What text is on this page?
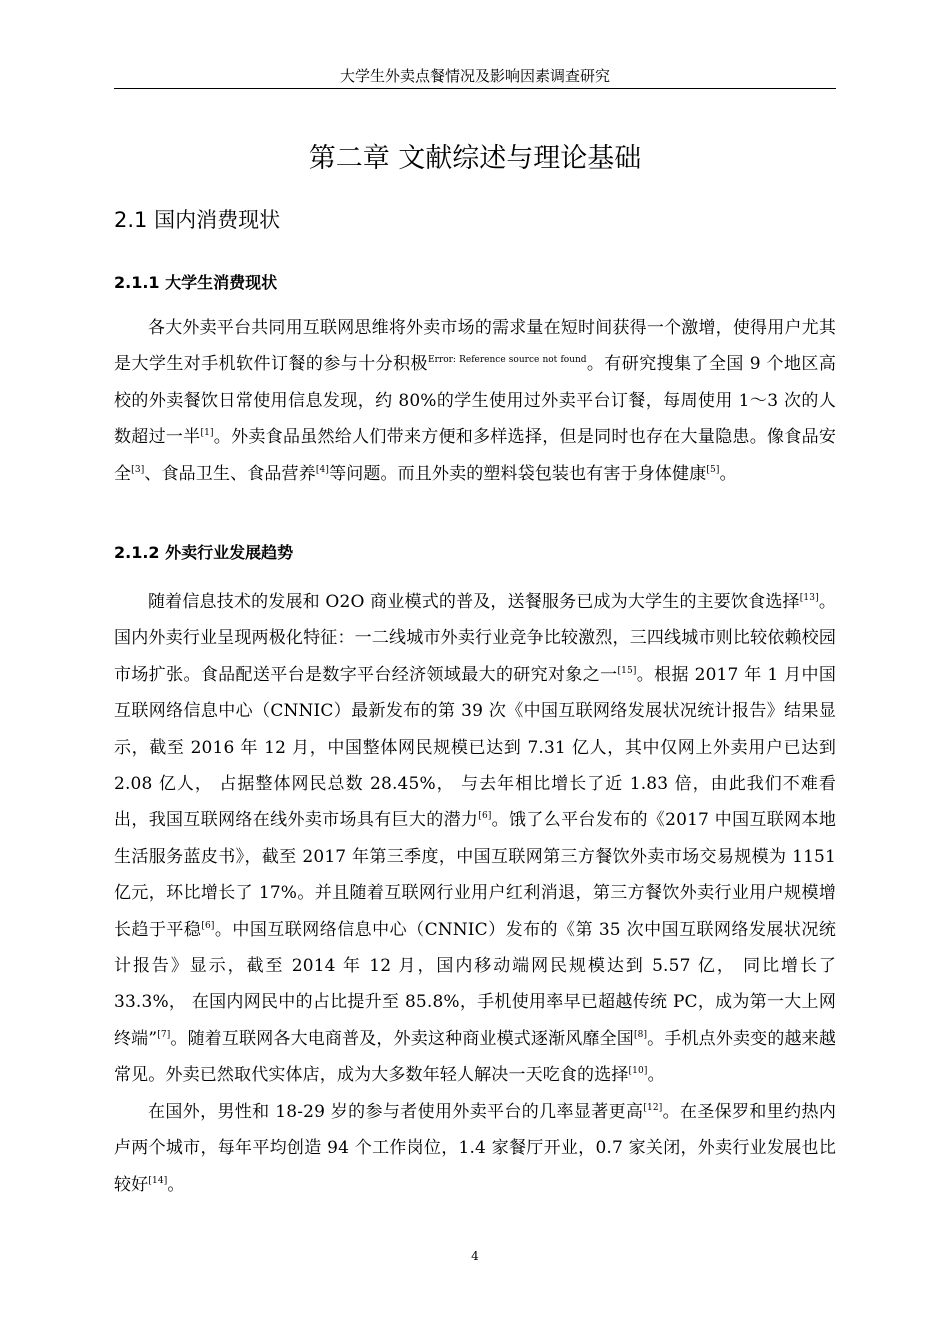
大学生外卖点餐情况及影响因素调查研究
第二章 文献综述与理论基础
2.1 国内消费现状
2.1.1 大学生消费现状

各大外卖平台共同用互联网思维将外卖市场的需求量在短时间获得一个激增，使得用户尤其是大学生对手机软件订餐的参与十分积极$^{Error: Reference source not found}$。有研究搜集了全国 9 个地区高校的外卖餐饮日常使用信息发现，约 80%的学生使用过外卖平台订餐，每周使用 1～3 次的人数超过一半[1]。外卖食品虽然给人们带来方便和多样选择，但是同时也存在大量隐患。像食品安全[3]、食品卫生、食品营养[4]等问题。而且外卖的塑料袋包装也有害于身体健康[5]。

2.1.2 外卖行业发展趋势

随着信息技术的发展和 O2O 商业模式的普及，送餐服务已成为大学生的主要饮食选择[13]。国内外卖行业呈现两极化特征：一二线城市外卖行业竞争比较激烈，三四线城市则比较依赖校园市场扩张。食品配送平台是数字平台经济领域最大的研究对象之一[15]。根据 2017 年 1 月中国互联网络信息中心（CNNIC）最新发布的第 39 次《中国互联网络发展状况统计报告》结果显示，截至 2016 年 12 月，中国整体网民规模已达到 7.31 亿人，其中仅网上外卖用户已达到 2.08 亿人， 占据整体网民总数 28.45%， 与去年相比增长了近 1.83 倍，由此我们不难看出，我国互联网络在线外卖市场具有巨大的潜力[6]。饿了么平台发布的《2017 中国互联网本地生活服务蓝皮书》，截至 2017 年第三季度，中国互联网第三方餐饮外卖市场交易规模为 1151 亿元，环比增长了 17%。并且随着互联网行业用户红利消退，第三方餐饮外卖行业用户规模增长趋于平稳[6]。中国互联网络信息中心（CNNIC）发布的《第 35 次中国互联网络发展状况统计报告》显示，截至 2014 年 12 月，国内移动端网民规模达到 5.57 亿， 同比增长了 33.3%， 在国内网民中的占比提升至 85.8%，手机使用率早已超越传统 PC，成为第一大上网终端”[7]。随着互联网各大电商普及，外卖这种商业模式逐渐风靡全国[8]。手机点外卖变的越来越常见。外卖已然取代实体店，成为大多数年轻人解决一天吃食的选择[10]。

在国外，男性和 18-29 岁的参与者使用外卖平台的几率显著更高[12]。在圣保罗和里约热内卢两个城市，每年平均创造 94 个工作岗位，1.4 家餐厅开业，0.7 家关闭，外卖行业发展也比较好[14]。

4
